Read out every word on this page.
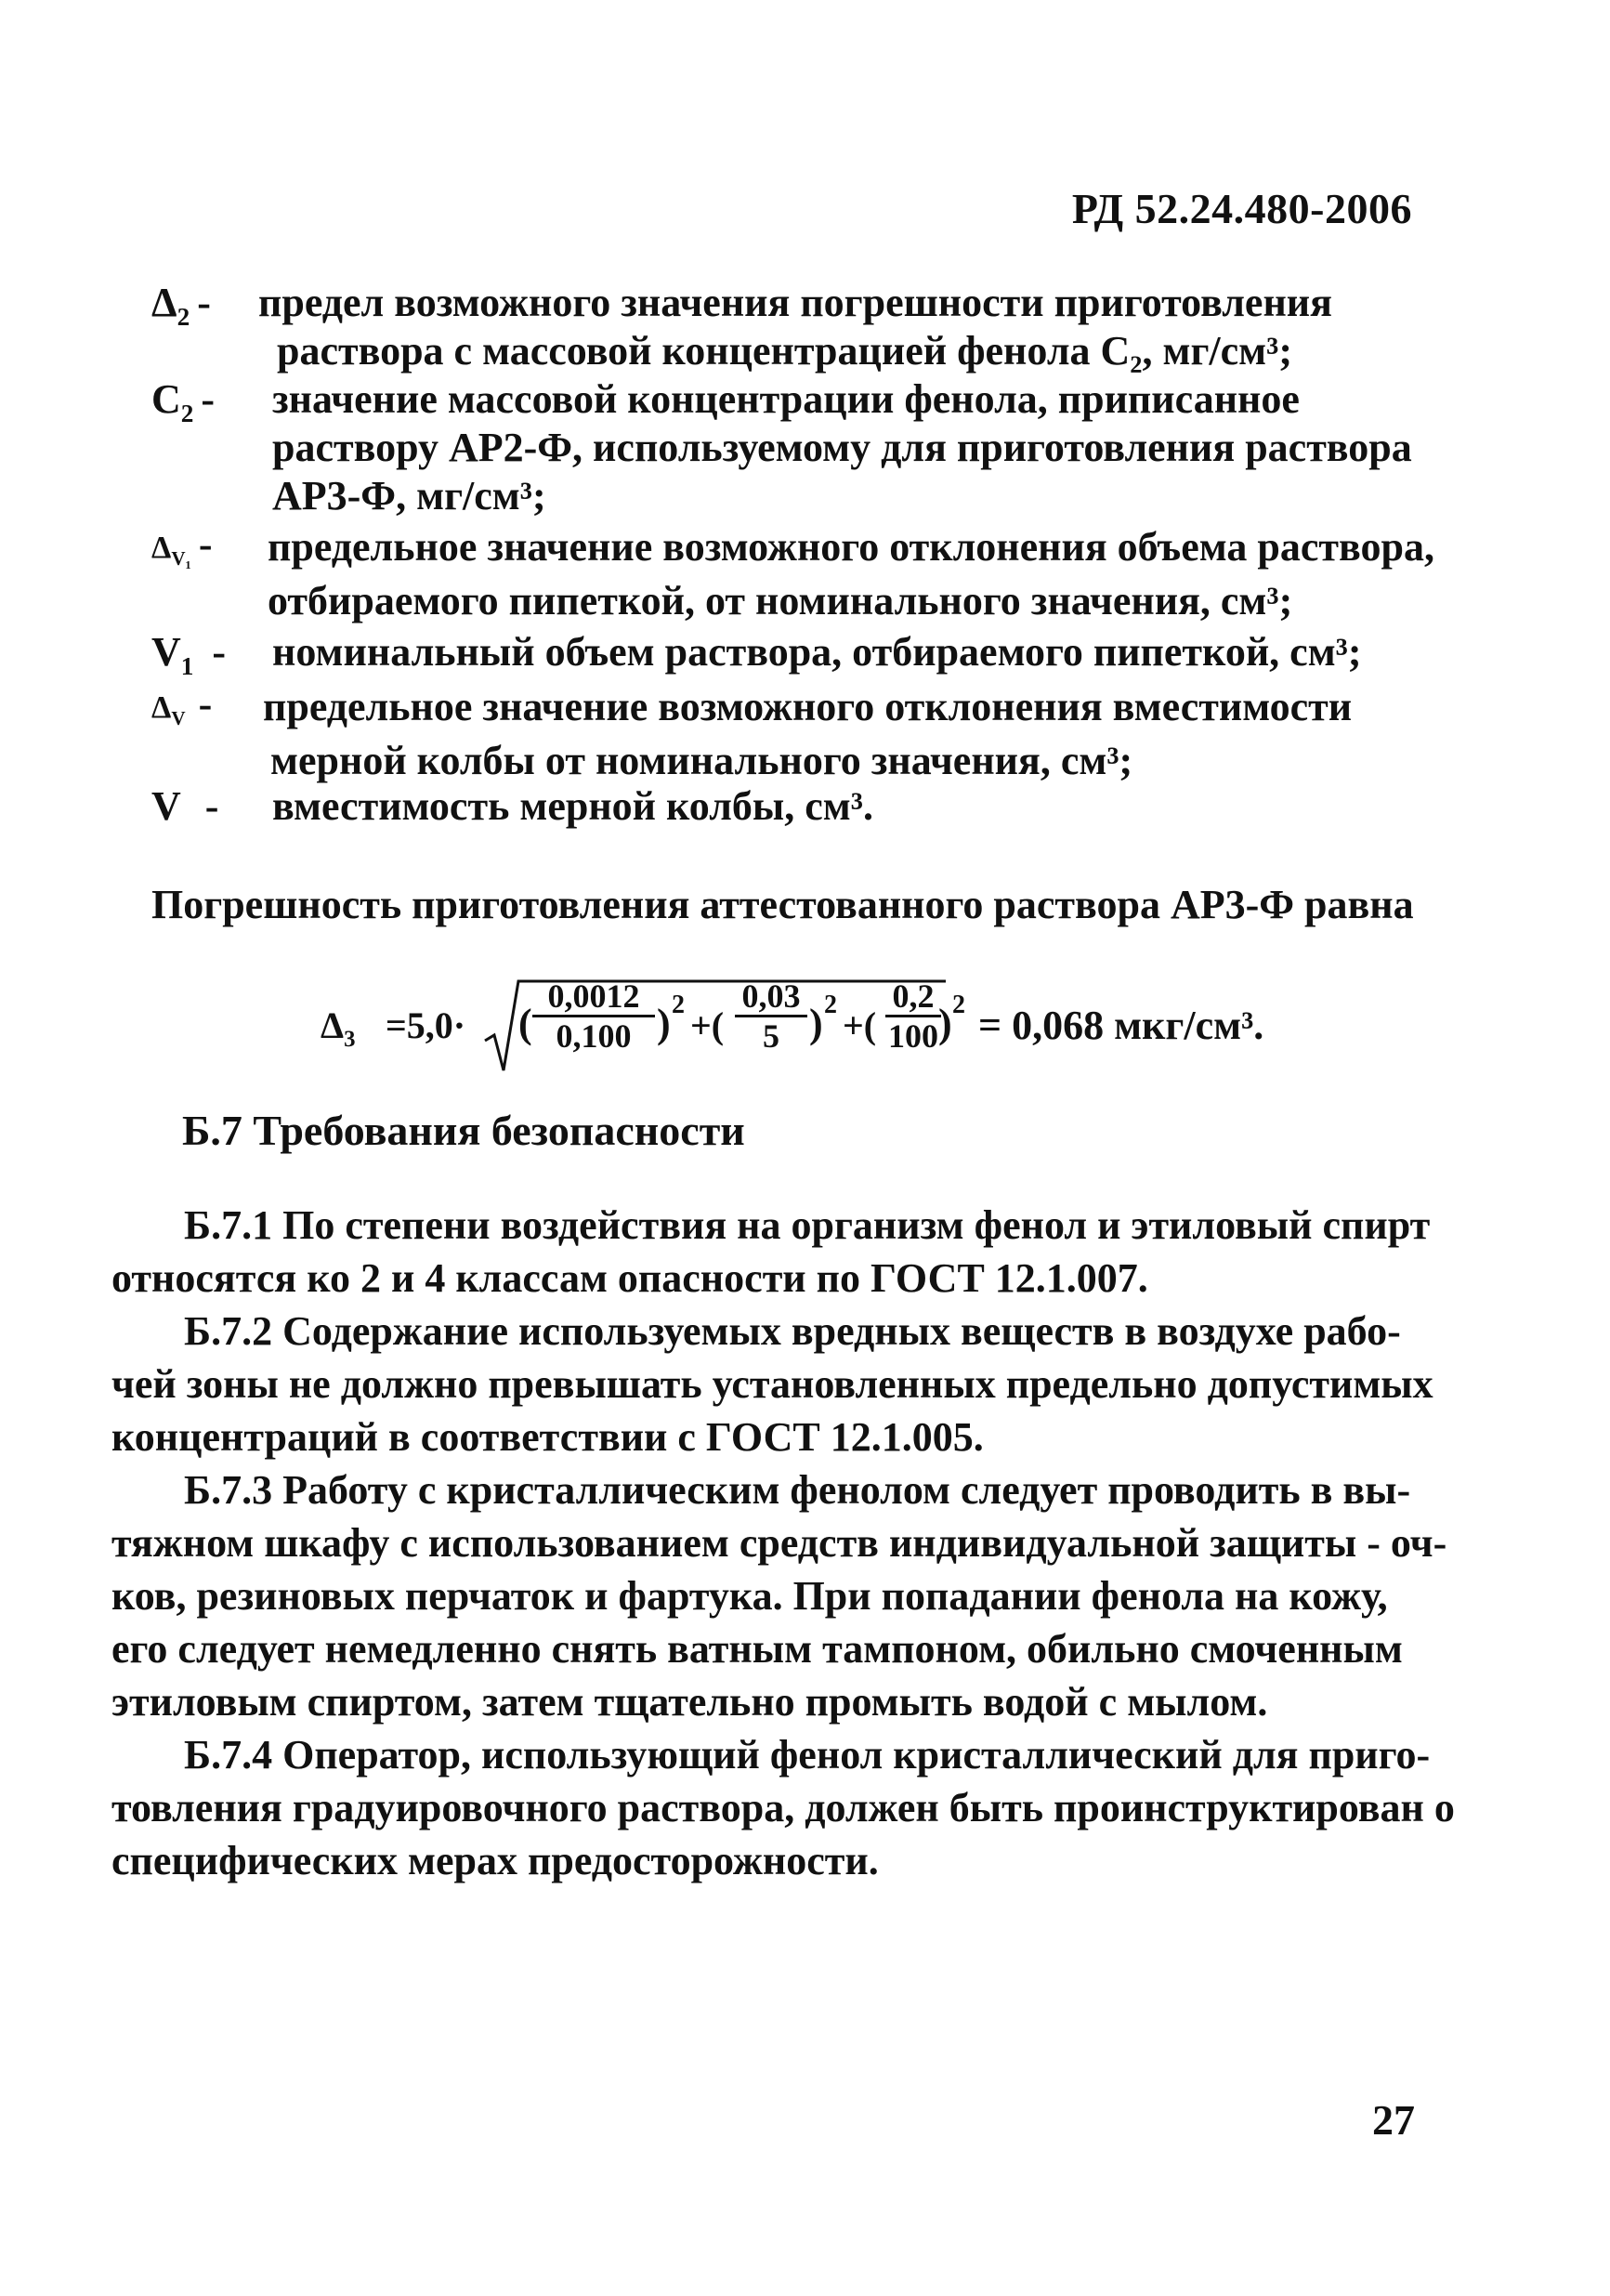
РД 52.24.480-2006
$\Delta_2$ -	предел возможного значения погрешности приготовления
раствора с массовой концентрацией фенола С₂, мг/см³;
$С_2$ -	значение массовой концентрации фенола, приписанное
раствору АР2-Ф, используемому для приготовления раствора
АР3-Ф, мг/см³;
$\Delta_{V_1}$ -	предельное значение возможного отклонения объема раствора,
отбираемого пипеткой, от номинального значения, см³;
$V_1$ -	номинальный объем раствора, отбираемого пипеткой, см³;
$\Delta_V$ -	предельное значение возможного отклонения вместимости
мерной колбы от номинального значения, см³;
V -	вместимость мерной колбы, см³.
Погрешность приготовления аттестованного раствора АР3-Ф равна
$\Delta_3 =5,0\cdot$ ( $\frac{0,0012}{0,100}$ ) 2 +( $\frac{0,03}{5}$ ) 2 +( $\frac{0,2}{100}$
) 2 = 0,068 мкг/см³.
Б.7 Требования безопасности
Б.7.1 По степени воздействия на организм фенол и этиловый спирт
относятся ко 2 и 4 классам опасности по ГОСТ 12.1.007.
Б.7.2 Содержание используемых вредных веществ в воздухе рабо-
чей зоны не должно превышать установленных предельно допустимых
концентраций в соответствии с ГОСТ 12.1.005.
Б.7.3 Работу с кристаллическим фенолом следует проводить в вы-
тяжном шкафу с использованием средств индивидуальной защиты - оч-
ков, резиновых перчаток и фартука. При попадании фенола на кожу,
его следует немедленно снять ватным тампоном, обильно смоченным
этиловым спиртом, затем тщательно промыть водой с мылом.
Б.7.4 Оператор, использующий фенол кристаллический для приго-
товления градуировочного раствора, должен быть проинструктирован о
специфических мерах предосторожности.
27
